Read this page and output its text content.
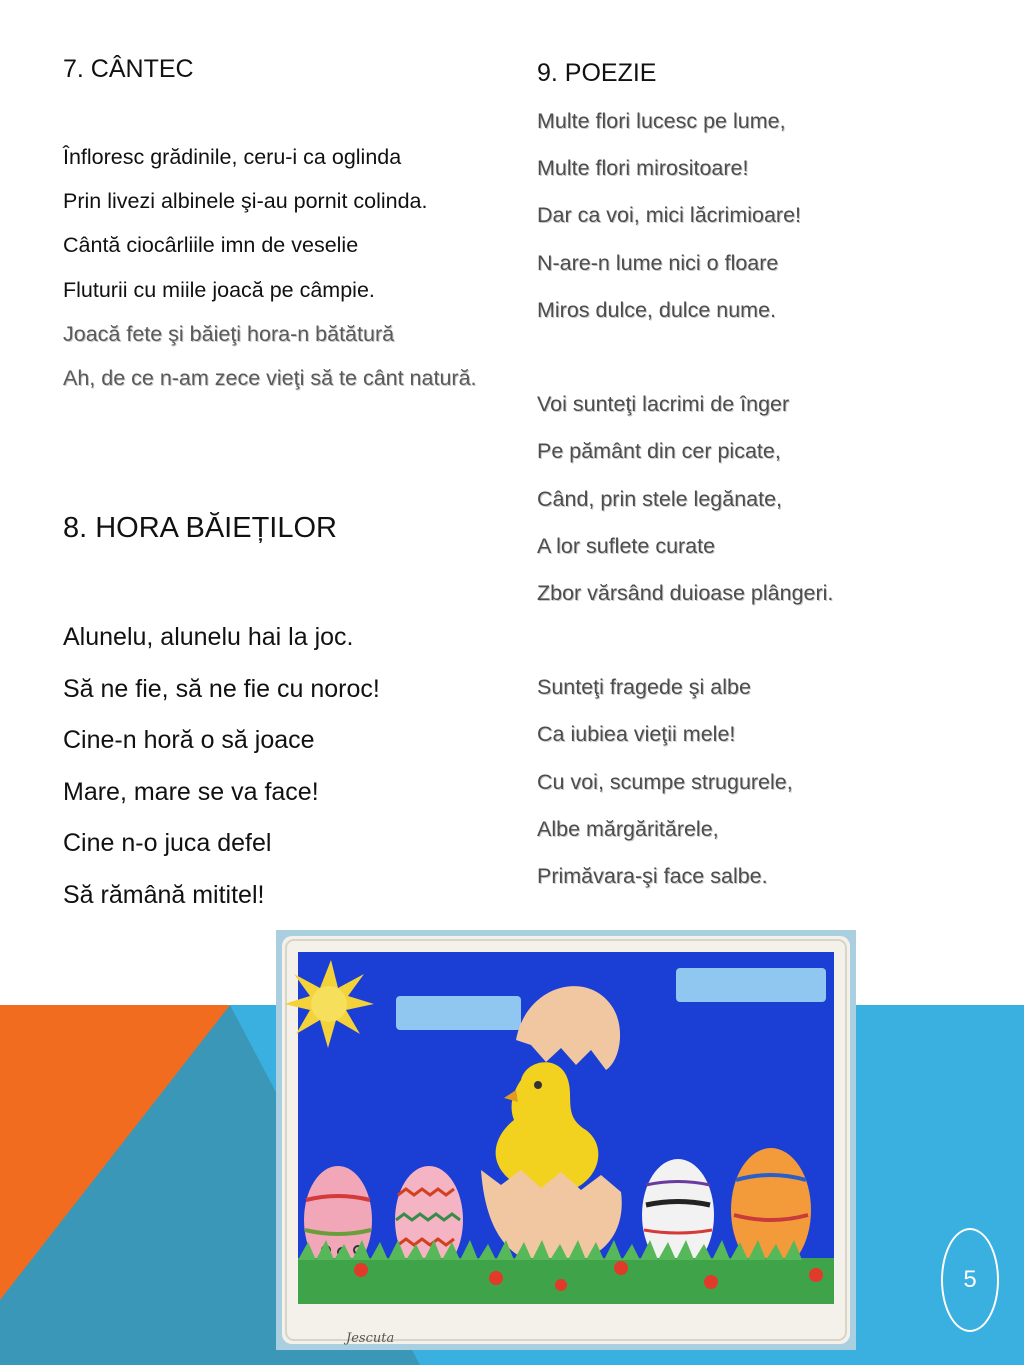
7. CÂNTEC
Înfloresc grădinile, ceru-i ca oglinda
Prin livezi albinele şi-au pornit colinda.
Cântă ciocârliile imn de veselie
Fluturii cu miile joacă pe câmpie.
Joacă fete şi băieţi hora-n bătătură
Ah, de ce n-am zece vieţi să te cânt natură.
8. HORA BĂIEȚILOR
Alunelu, alunelu hai la joc.
Să ne fie, să ne fie cu noroc!
Cine-n horă o să joace
Mare, mare se va face!
Cine n-o juca defel
Să rămână mititel!
9. POEZIE
Multe flori lucesc pe lume,
Multe flori mirositoare!
Dar ca voi, mici lăcrimioare!
N-are-n lume nici o floare
Miros dulce, dulce nume.
Voi sunteţi lacrimi de înger
Pe pământ din cer picate,
Când, prin stele legănate,
A lor suflete curate
Zbor vărsând duioase plângeri.
Sunteţi fragede şi albe
Ca iubiea vieţii mele!
Cu voi, scumpe strugurele,
Albe mărgăritărele,
Primăvara-şi face salbe.
Jescuta
5
